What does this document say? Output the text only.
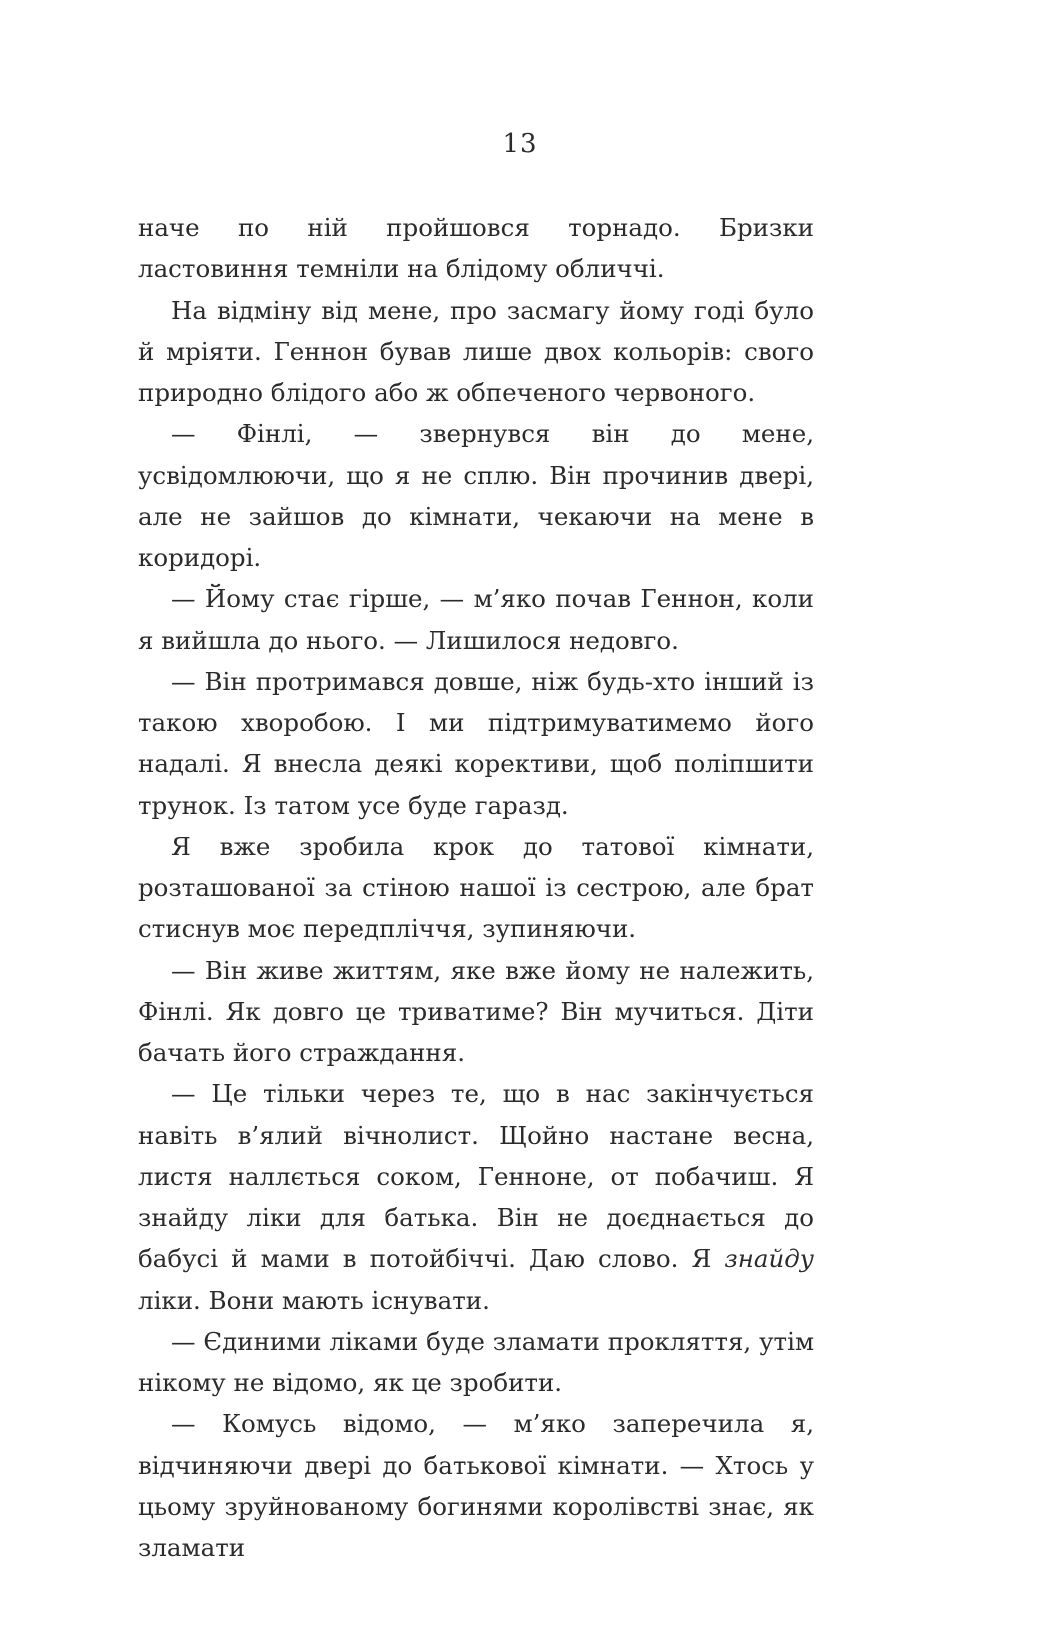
13

наче по ній пройшовся торнадо. Бризки ластовиння темніли на блідому обличчі.

На відміну від мене, про засмагу йому годі було й мріяти. Геннон бував лише двох кольорів: свого природно блідого або ж обпеченого червоного.

— Фінлі, — звернувся він до мене, усвідомлюючи, що я не сплю. Він прочинив двері, але не зайшов до кімнати, чекаючи на мене в коридорі.

— Йому стає гірше, — м’яко почав Геннон, коли я вийшла до нього. — Лишилося недовго.

— Він протримався довше, ніж будь-хто інший із такою хворобою. І ми підтримуватимемо його надалі. Я внесла деякі корективи, щоб поліпшити трунок. Із татом усе буде гаразд.

Я вже зробила крок до татової кімнати, розташованої за стіною нашої із сестрою, але брат стиснув моє передпліччя, зупиняючи.

— Він живе життям, яке вже йому не належить, Фінлі. Як довго це триватиме? Він мучиться. Діти бачать його страждання.

— Це тільки через те, що в нас закінчується навіть в’ялий вічнолист. Щойно настане весна, листя наллється соком, Генноне, от побачиш. Я знайду ліки для батька. Він не доєднається до бабусі й мами в потойбіччі. Даю слово. Я знайду ліки. Вони мають існувати.

— Єдиними ліками буде зламати прокляття, утім нікому не відомо, як це зробити.

— Комусь відомо, — м’яко заперечила я, відчиняючи двері до батькової кімнати. — Хтось у цьому зруйнованому богинями королівстві знає, як зламати
